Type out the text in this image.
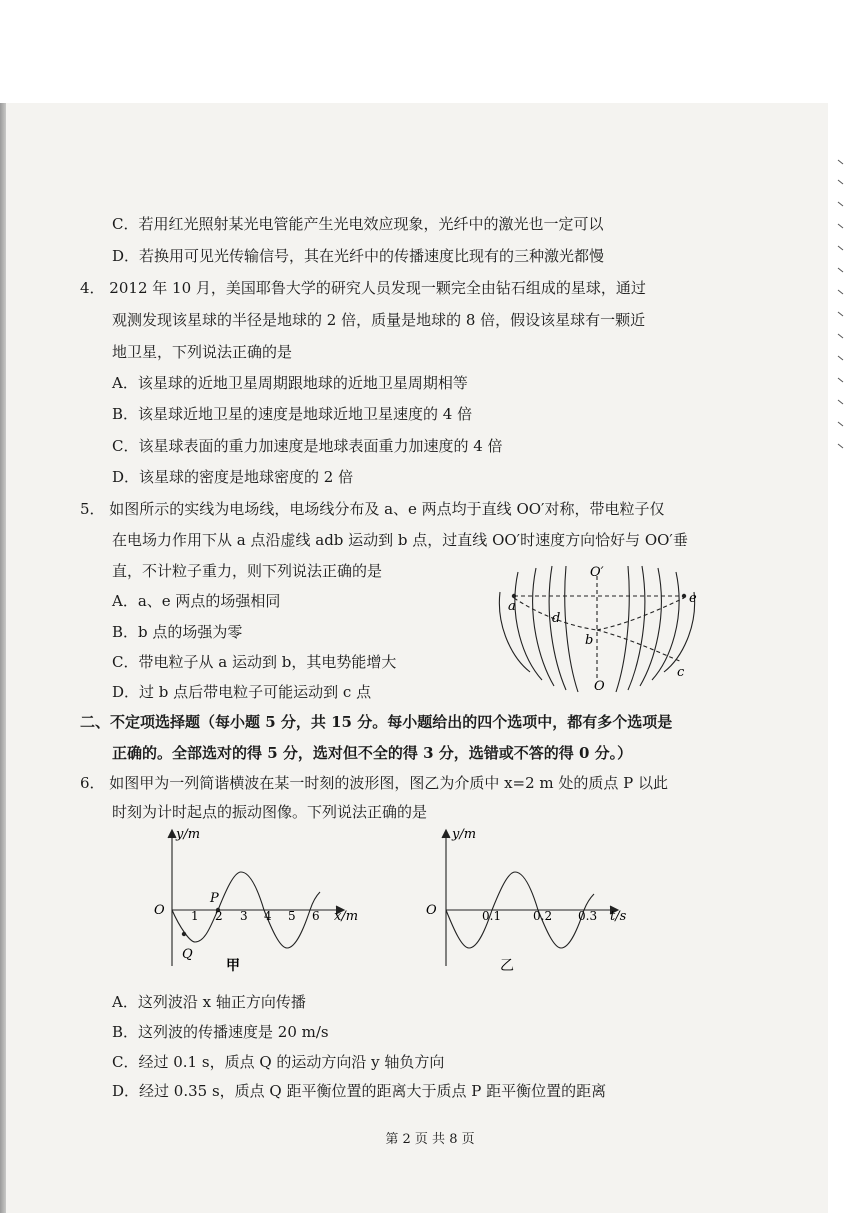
C．若用红光照射某光电管能产生光电效应现象，光纤中的激光也一定可以
D．若换用可见光传输信号，其在光纤中的传播速度比现有的三种激光都慢
4． 2012 年 10 月，美国耶鲁大学的研究人员发现一颗完全由钻石组成的星球，通过
观测发现该星球的半径是地球的 2 倍，质量是地球的 8 倍，假设该星球有一颗近
地卫星，下列说法正确的是
A．该星球的近地卫星周期跟地球的近地卫星周期相等
B．该星球近地卫星的速度是地球近地卫星速度的 4 倍
C．该星球表面的重力加速度是地球表面重力加速度的 4 倍
D．该星球的密度是地球密度的 2 倍
5． 如图所示的实线为电场线，电场线分布及 a、e 两点均于直线 OO′对称，带电粒子仅
在电场力作用下从 a 点沿虚线 adb 运动到 b 点，过直线 OO′时速度方向恰好与 OO′垂
直，不计粒子重力，则下列说法正确的是
A．a、e 两点的场强相同
B．b 点的场强为零
C．带电粒子从 a 运动到 b，其电势能增大
D．过 b 点后带电粒子可能运动到 c 点
O′
O
a
d
b
e
c
二、不定项选择题（每小题 5 分，共 15 分。每小题给出的四个选项中，都有多个选项是
正确的。全部选对的得 5 分，选对但不全的得 3 分，选错或不答的得 0 分。）
6． 如图甲为一列简谐横波在某一时刻的波形图，图乙为介质中 x=2 m 处的质点 P 以此
时刻为计时起点的振动图像。下列说法正确的是
y/m
O 1 2 3 4 5 6 x/m
P
Q
甲
y/m
O	0.1	0.2 0.3 t/s
乙
A．这列波沿 x 轴正方向传播
B．这列波的传播速度是 20 m/s
C．经过 0.1 s，质点 Q 的运动方向沿 y 轴负方向
D．经过 0.35 s，质点 Q 距平衡位置的距离大于质点 P 距平衡位置的距离
第 2 页 共 8 页
